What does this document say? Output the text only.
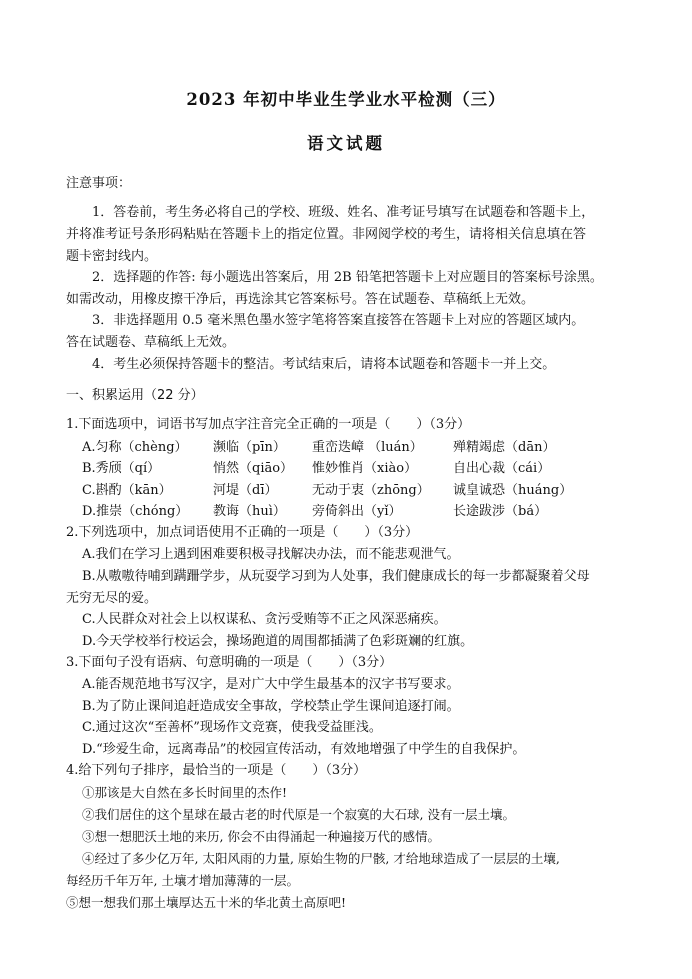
2023 年初中毕业生学业水平检测（三）
语文试题
注意事项：
1．答卷前，考生务必将自己的学校、班级、姓名、准考证号填写在试题卷和答题卡上，
并将准考证号条形码粘贴在答题卡上的指定位置。非网阅学校的考生，请将相关信息填在答
题卡密封线内。
2．选择题的作答: 每小题选出答案后，用 2B 铅笔把答题卡上对应题目的答案标号涂黑。
如需改动，用橡皮擦干净后，再选涂其它答案标号。答在试题卷、草稿纸上无效。
3．非选择题用 0.5 毫米黑色墨水签字笔将答案直接答在答题卡上对应的答题区域内。
答在试题卷、草稿纸上无效。
4．考生必须保持答题卡的整洁。考试结束后，请将本试题卷和答题卡一并上交。
一、积累运用（22 分）
1.下面选项中，词语书写加点字注音完全正确的一项是（　　）（3分）
A.匀称（chèng） 濒临（pīn） 重峦迭嶂 （luán） 殚精竭虑（dān）
B.秀颀（qí）	悄然（qiāo） 惟妙惟肖（xiào）	自出心裁（cái）
C.斟酌（kān）	河堤（dī）	无动于衷（zhōng） 诚皇诚恐（huáng）
D.推崇（chóng） 教诲（huì） 旁倚斜出（yǐ）	长途跋涉（bá）
2.下列选项中，加点词语使用不正确的一项是（　　）（3分）
A.我们在学习上遇到困难要积极寻找解决办法，而不能悲观泄气。
B.从嗷嗷待哺到蹒跚学步，从玩耍学习到为人处事，我们健康成长的每一步都凝聚着父母
无穷无尽的爱。
C.人民群众对社会上以权谋私、贪污受贿等不正之风深恶痛疾。
D.今天学校举行校运会，操场跑道的周围都插满了色彩斑斓的红旗。
3.下面句子没有语病、句意明确的一项是（　　）（3分）
A.能否规范地书写汉字，是对广大中学生最基本的汉字书写要求。
B.为了防止课间追赶造成安全事故，学校禁止学生课间追逐打闹。
C.通过这次“至善杯”现场作文竞赛，使我受益匪浅。
D.“珍爱生命，远离毒品”的校园宣传活动，有效地增强了中学生的自我保护。
4.给下列句子排序，最恰当的一项是（　　）（3分）
①那该是大自然在多长时间里的杰作!
②我们居住的这个星球在最古老的时代原是一个寂寞的大石球, 没有一层土壤。
③想一想肥沃土地的来历, 你会不由得涌起一种遍接万代的感情。
④经过了多少亿万年, 太阳风雨的力量, 原始生物的尸骸, 才给地球造成了一层层的土壤,
每经历千年万年, 土壤才增加薄薄的一层。
⑤想一想我们那土壤厚达五十米的华北黄土高原吧!
